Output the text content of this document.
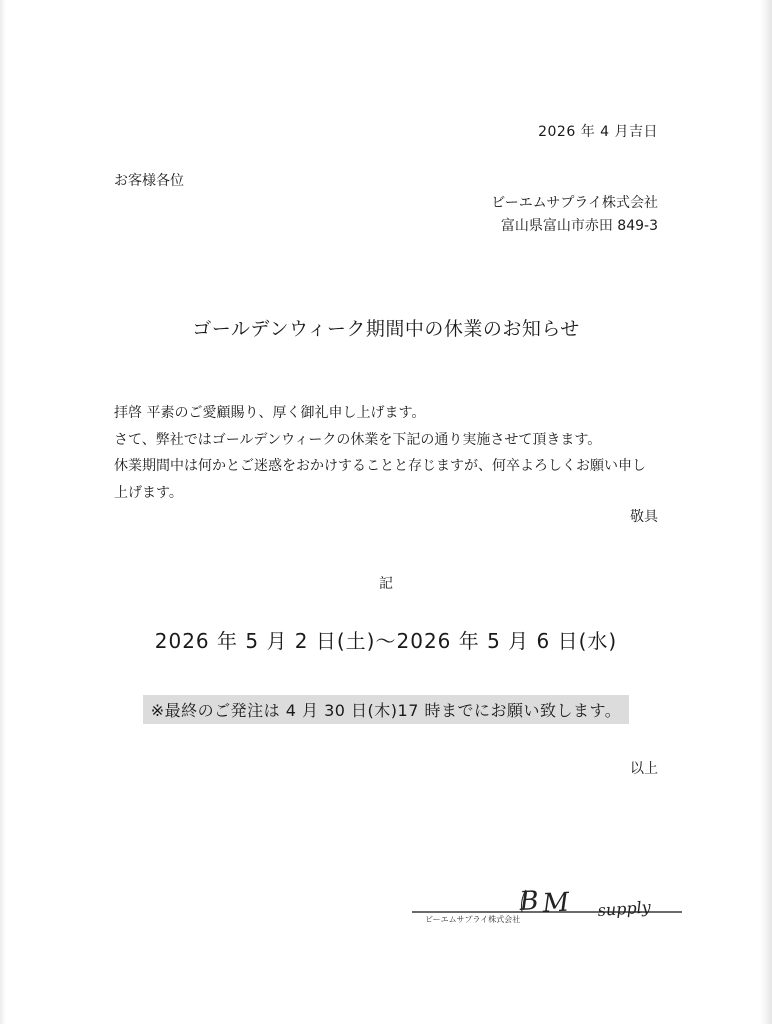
2026 年 4 月吉日
お客様各位
ビーエムサプライ株式会社
富山県富山市赤田 849-3
ゴールデンウィーク期間中の休業のお知らせ

拝啓 平素のご愛顧賜り、厚く御礼申し上げます。

さて、弊社ではゴールデンウィークの休業を下記の通り実施させて頂きます。

休業期間中は何かとご迷惑をおかけすることと存じますが、何卒よろしくお願い申し

上げます。

敬具
記
2026 年 5 月 2 日(土)～2026 年 5 月 6 日(水)
※最終のご発注は 4 月 30 日(木)17 時までにお願い致します。
以上
B M supply
ビーエムサプライ株式会社
